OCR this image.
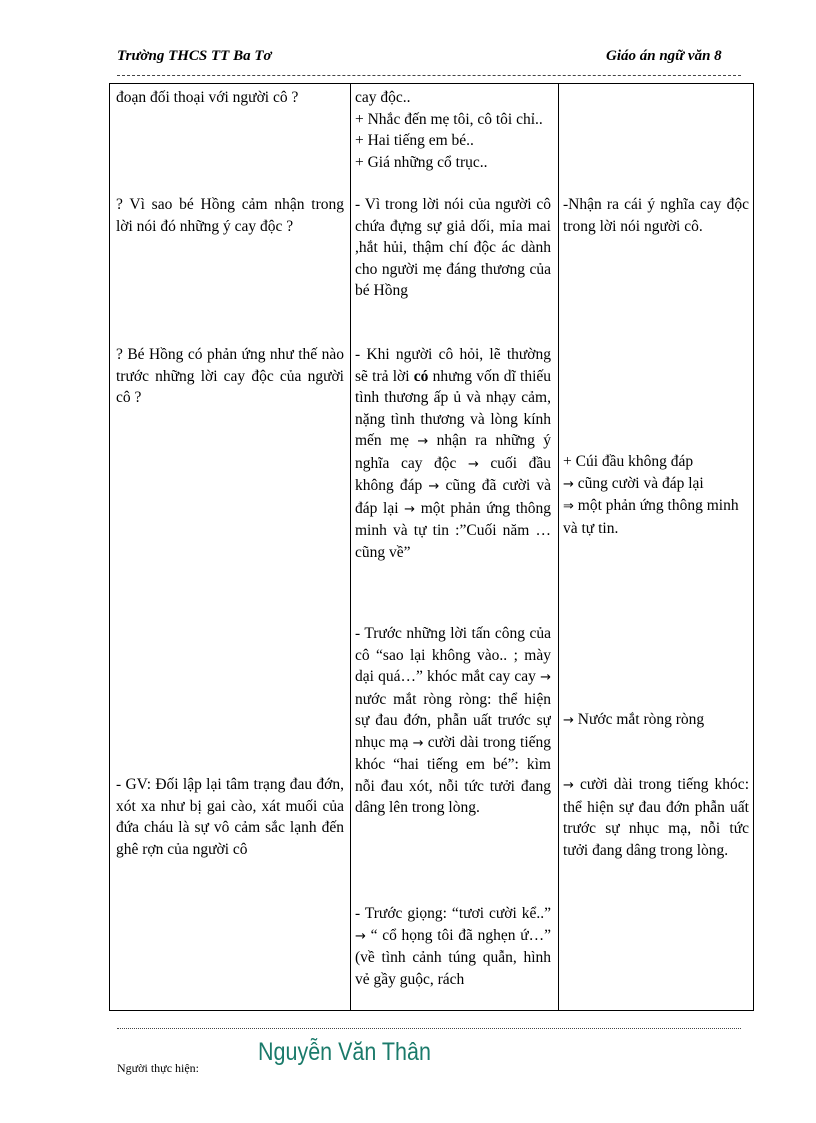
Trường THCS TT Ba Tơ	Giáo án ngữ văn 8
đoạn đối thoại với người cô ?
? Vì sao bé Hồng cảm nhận trong lời nói đó những ý cay độc ?
? Bé Hồng có phản ứng như thế nào trước những lời cay độc của người cô ?
- GV: Đối lập lại tâm trạng đau đớn, xót xa như bị gai cào, xát muối của đứa cháu là sự vô cảm sắc lạnh đến ghê rợn của người cô

cay độc..

+ Nhắc đến mẹ tôi, cô tôi chỉ..

+ Hai tiếng em bé..

+ Giá những cổ trục..

- Vì trong lời nói của người cô chứa đựng sự giả dối, mỉa mai ,hắt hủi, thậm chí độc ác dành cho người mẹ đáng thương của bé Hồng
- Khi người cô hỏi, lẽ thường sẽ trả lời có nhưng vốn dĩ thiếu tình thương ấp ủ và nhạy cảm, nặng tình thương và lòng kính mến mẹ → nhận ra những ý nghĩa cay độc → cuối đầu không đáp → cũng đã cười và đáp lại → một phản ứng thông minh và tự tin :”Cuối năm …cũng về”
- Trước những lời tấn công của cô “sao lại không vào.. ; mày dại quá…” khóc mắt cay cay → nước mắt ròng ròng: thể hiện sự đau đớn, phẫn uất trước sự nhục mạ → cười dài trong tiếng khóc “hai tiếng em bé”: kìm nỗi đau xót, nỗi tức tưởi đang dâng lên trong lòng.
- Trước giọng: “tươi cười kể..” → “ cổ họng tôi đã nghẹn ứ…” (về tình cảnh túng quẫn, hình vẻ gầy guộc, rách
-Nhận ra cái ý nghĩa cay độc trong lời nói người cô.

+ Cúi đầu không đáp

→ cũng cười và đáp lại

⇒ một phản ứng thông minh và tự tin.

→ Nước mắt ròng ròng
→ cười dài trong tiếng khóc: thể hiện sự đau đớn phẫn uất trước sự nhục mạ, nỗi tức tưởi đang dâng trong lòng.
Người thực hiện:
Nguyễn Văn Thân
